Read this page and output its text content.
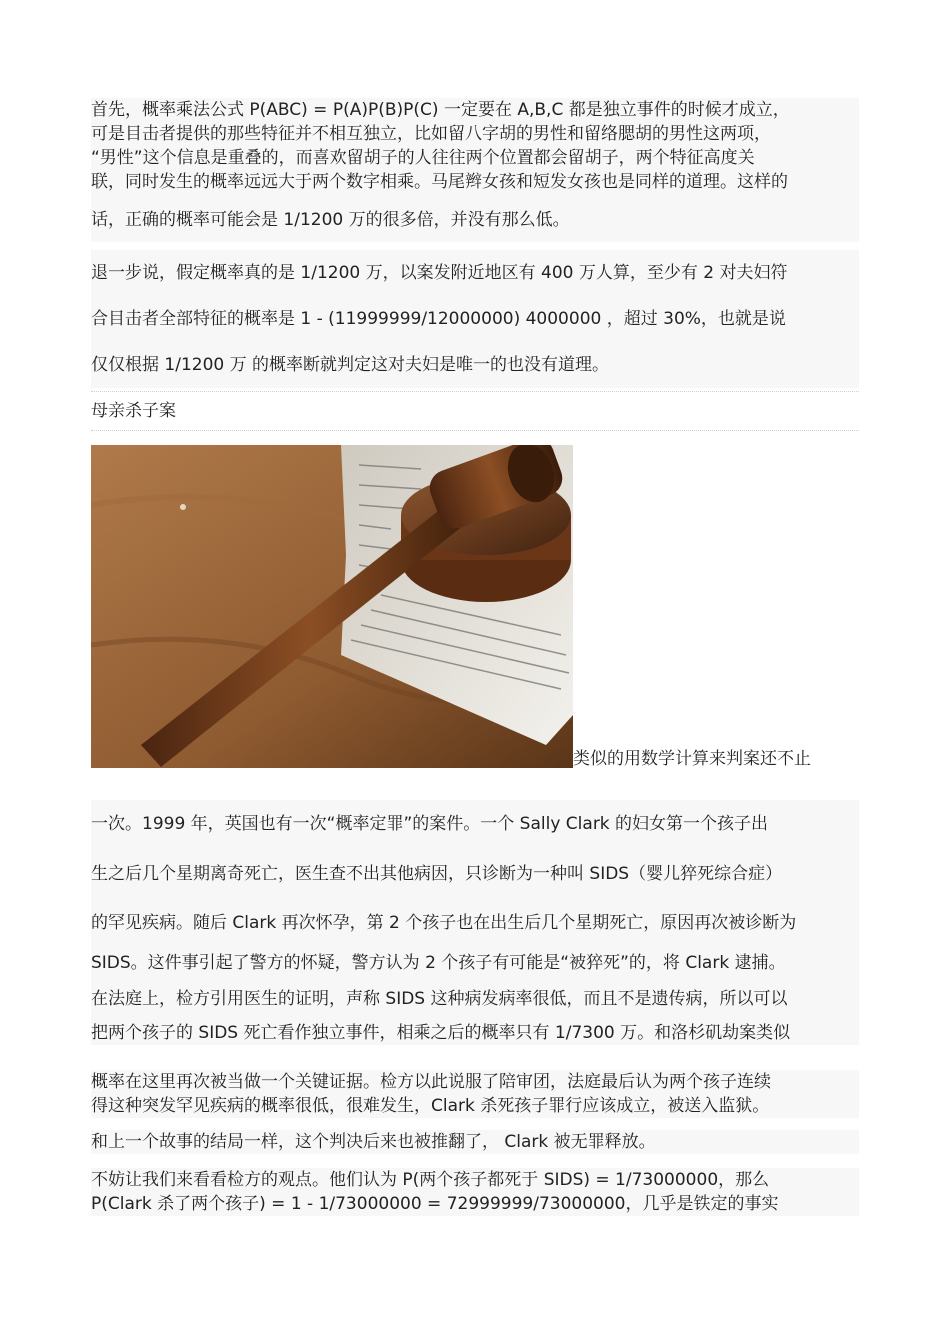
首先，概率乘法公式 P(ABC) = P(A)P(B)P(C) 一定要在 A,B,C 都是独立事件的时候才成立，
可是目击者提供的那些特征并不相互独立，比如留八字胡的男性和留络腮胡的男性这两项，
“男性”这个信息是重叠的，而喜欢留胡子的人往往两个位置都会留胡子，两个特征高度关
联，同时发生的概率远远大于两个数字相乘。马尾辫女孩和短发女孩也是同样的道理。这样的
话，正确的概率可能会是 1/1200 万的很多倍，并没有那么低。

退一步说，假定概率真的是 1/1200 万，以案发附近地区有 400 万人算，至少有 2 对夫妇符
合目击者全部特征的概率是 1 - (11999999/12000000) 4000000 ，超过 30%，也就是说
仅仅根据 1/1200 万 的概率断就判定这对夫妇是唯一的也没有道理。

母亲杀子案
类似的用数学计算来判案还不止
一次。1999 年，英国也有一次“概率定罪”的案件。一个 Sally Clark 的妇女第一个孩子出
生之后几个星期离奇死亡，医生查不出其他病因，只诊断为一种叫 SIDS（婴儿猝死综合症）
的罕见疾病。随后 Clark 再次怀孕，第 2 个孩子也在出生后几个星期死亡，原因再次被诊断为
SIDS。这件事引起了警方的怀疑，警方认为 2 个孩子有可能是“被猝死”的，将 Clark 逮捕。
在法庭上，检方引用医生的证明，声称 SIDS 这种病发病率很低，而且不是遗传病，所以可以
把两个孩子的 SIDS 死亡看作独立事件，相乘之后的概率只有 1/7300 万。和洛杉矶劫案类似
概率在这里再次被当做一个关键证据。检方以此说服了陪审团，法庭最后认为两个孩子连续
得这种突发罕见疾病的概率很低，很难发生，Clark 杀死孩子罪行应该成立，被送入监狱。
和上一个故事的结局一样，这个判决后来也被推翻了， Clark 被无罪释放。
不妨让我们来看看检方的观点。他们认为 P(两个孩子都死于 SIDS) = 1/73000000，那么
P(Clark 杀了两个孩子) = 1 - 1/73000000 = 72999999/73000000，几乎是铁定的事实
